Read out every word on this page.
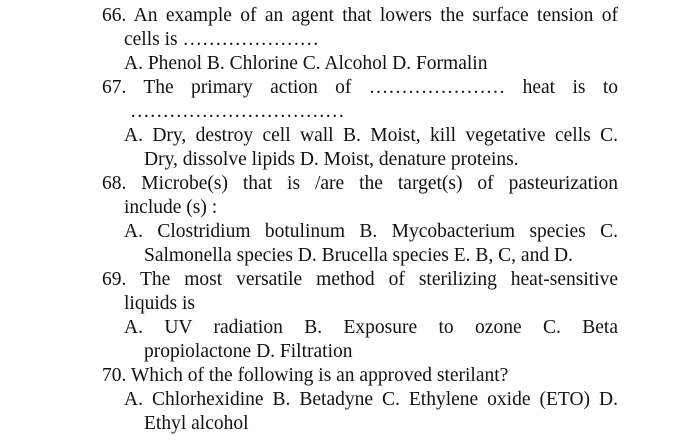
66. An example of an agent that lowers the surface tension of
cells is …………………
A. Phenol B. Chlorine C. Alcohol D. Formalin
67. The primary action of ………………… heat is to
……………………………
A. Dry, destroy cell wall B. Moist, kill vegetative cells C.
Dry, dissolve lipids D. Moist, denature proteins.
68. Microbe(s) that is /are the target(s) of pasteurization
include (s) :
A. Clostridium botulinum B. Mycobacterium species C.
Salmonella species D. Brucella species E. B, C, and D.
69. The most versatile method of sterilizing heat-sensitive
liquids is
A. UV radiation B. Exposure to ozone C. Beta
propiolactone D. Filtration
70. Which of the following is an approved sterilant?
A. Chlorhexidine B. Betadyne C. Ethylene oxide (ETO) D.
Ethyl alcohol
